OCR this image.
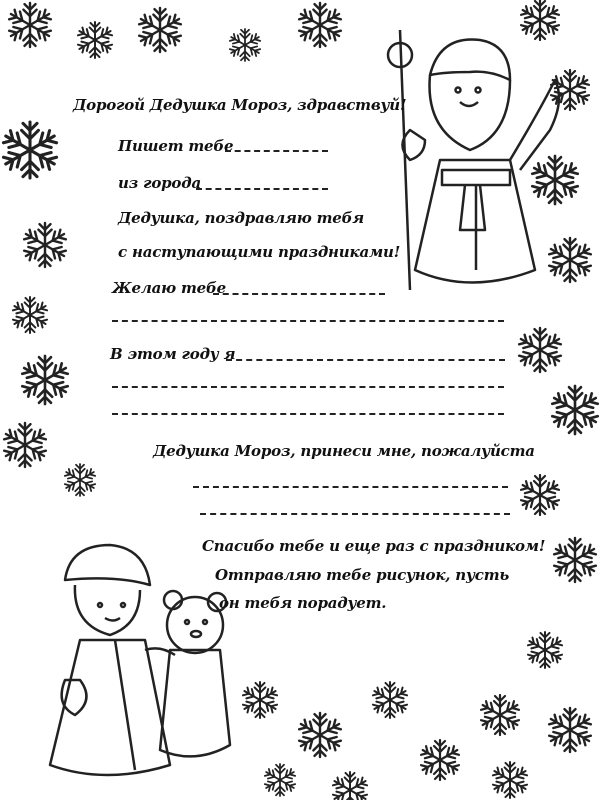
Дорогой Дедушка Мороз, здравствуй!
Пишет тебе
из города
Дедушка, поздравляю тебя
с наступающими праздниками!
Желаю тебе
В этом году я
Дедушка Мороз, принеси мне, пожалуйста
Спасибо тебе и еще раз с праздником!
Отправляю тебе рисунок, пусть
он тебя порадует.
